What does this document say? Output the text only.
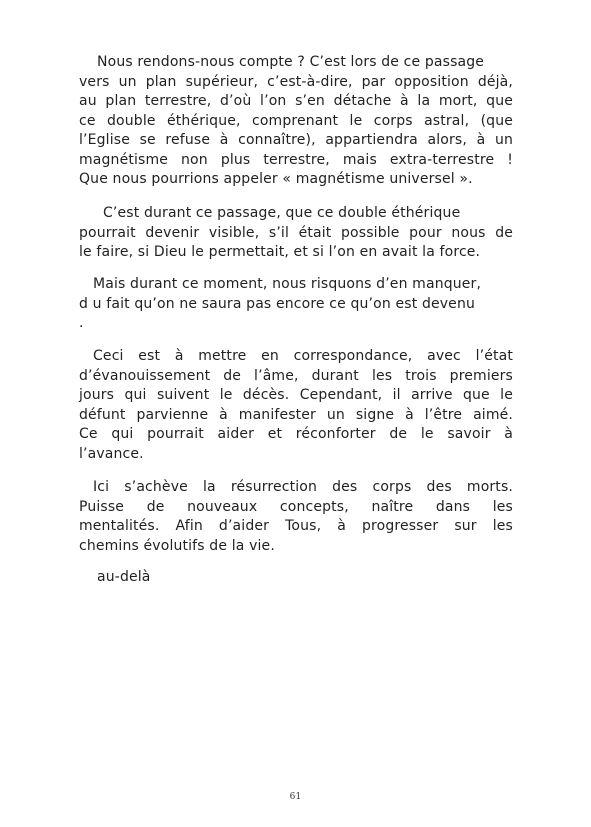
Nous rendons-nous compte ? C’est lors de ce passage
vers un plan supérieur, c’est-à-dire, par opposition déjà,
au plan terrestre, d’où l’on s’en détache à la mort, que
ce double éthérique, comprenant le corps astral, (que
l’Eglise se refuse à connaître), appartiendra alors, à un
magnétisme non plus terrestre, mais extra-terrestre !
Que nous pourrions appeler « magnétisme universel ».

C’est durant ce passage, que ce double éthérique
pourrait devenir visible, s’il était possible pour nous de
le faire, si Dieu le permettait, et si l’on en avait la force.

Mais durant ce moment, nous risquons d’en manquer,
d u fait qu’on ne saura pas encore ce qu’on est devenu
.

Ceci est à mettre en correspondance, avec l’état
d’évanouissement de l’âme, durant les trois premiers
jours qui suivent le décès. Cependant, il arrive que le
défunt parvienne à manifester un signe à l’être aimé.
Ce qui pourrait aider et réconforter de le savoir à
l’avance.

Ici s’achève la résurrection des corps des morts.
Puisse de nouveaux concepts, naître dans les
mentalités. Afin d’aider Tous, à progresser sur les
chemins évolutifs de la vie.

au-delà

61
